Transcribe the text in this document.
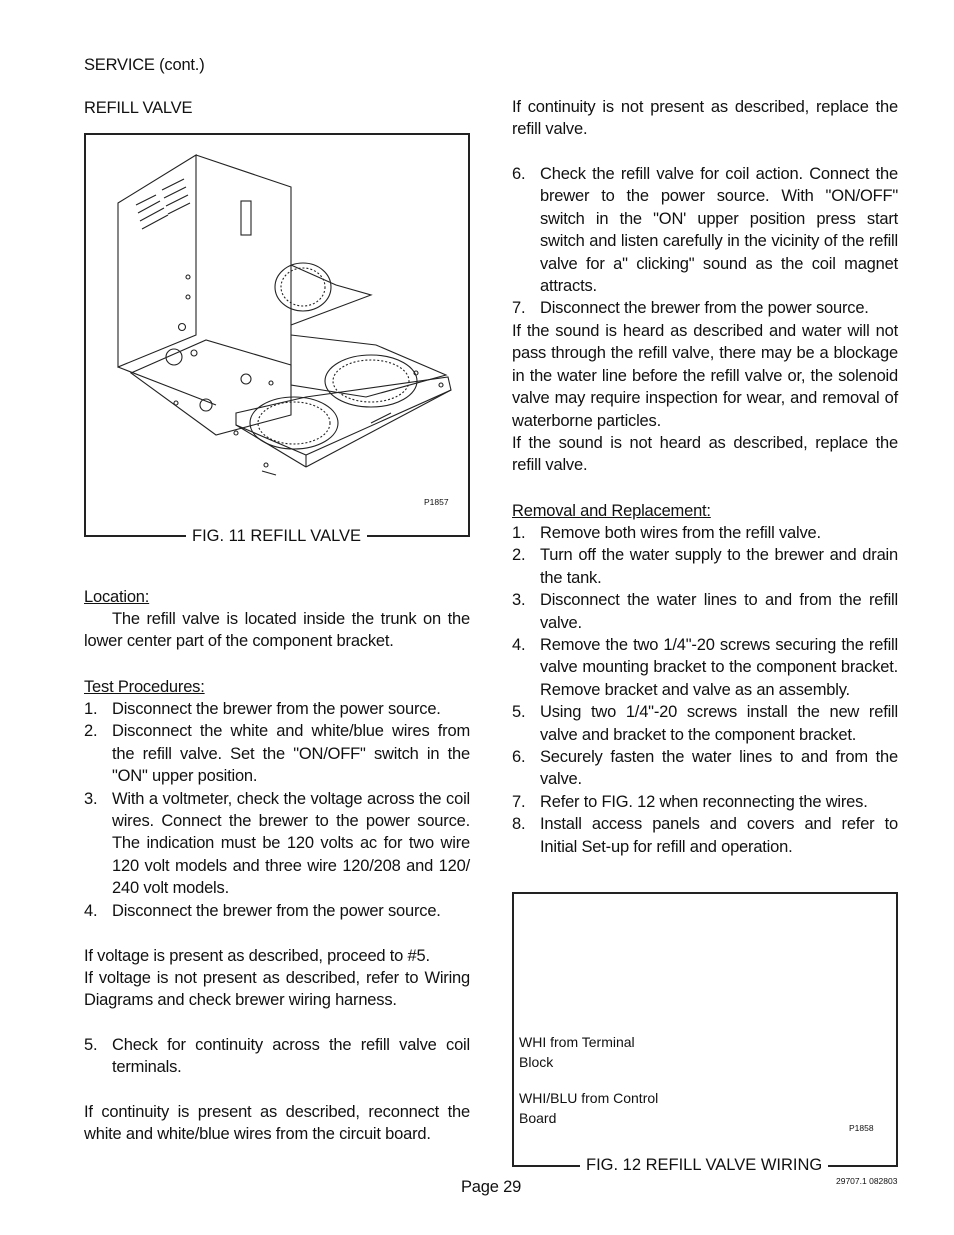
SERVICE (cont.)
REFILL VALVE
P1857
FIG. 11 REFILL VALVE
Location:
The refill valve is located inside the trunk on the lower center part of the component bracket.
Test Procedures:
1. Disconnect the brewer from the power source.
2. Disconnect the white and white/blue wires from the refill valve. Set the "ON/OFF" switch in the "ON" upper position.
3. With a voltmeter, check the voltage across the coil wires. Connect the brewer to the power source. The indication must be 120 volts ac for two wire 120 volt models and three wire 120/208 and 120/ 240 volt models.
4. Disconnect the brewer from the power source.
If voltage is present as described, proceed to #5.
If voltage is not present as described, refer to Wiring Diagrams and check brewer wiring harness.
5. Check for continuity across the refill valve coil terminals.
If continuity is present as described, reconnect the white and white/blue wires from the circuit board.
If continuity is not present as described, replace the refill valve.
6. Check the refill valve for coil action. Connect the brewer to the power source. With "ON/OFF" switch in the "ON' upper position press start switch and listen carefully in the vicinity of the refill valve for a" clicking" sound as the coil magnet attracts.
7. Disconnect the brewer from the power source.
If the sound is heard as described and water will not pass through the refill valve, there may be a blockage in the water line before the refill valve or, the solenoid valve may require inspection for wear, and removal of waterborne particles.
If the sound is not heard as described, replace the refill valve.
Removal and Replacement:
1. Remove both wires from the refill valve.
2. Turn off the water supply to the brewer and drain the tank.
3. Disconnect the water lines to and from the refill valve.
4. Remove the two 1/4"-20 screws securing the refill valve mounting bracket to the component bracket. Remove bracket and valve as an assembly.
5. Using two 1/4"-20 screws install the new refill valve and bracket to the component bracket.
6. Securely fasten the water lines to and from the valve.
7. Refer to FIG. 12 when reconnecting the wires.
8. Install access panels and covers and refer to Initial Set-up for refill and operation.
WHI from Terminal Block
WHI/BLU from Control Board
P1858
FIG. 12 REFILL VALVE WIRING
Page 29	29707.1 082803
